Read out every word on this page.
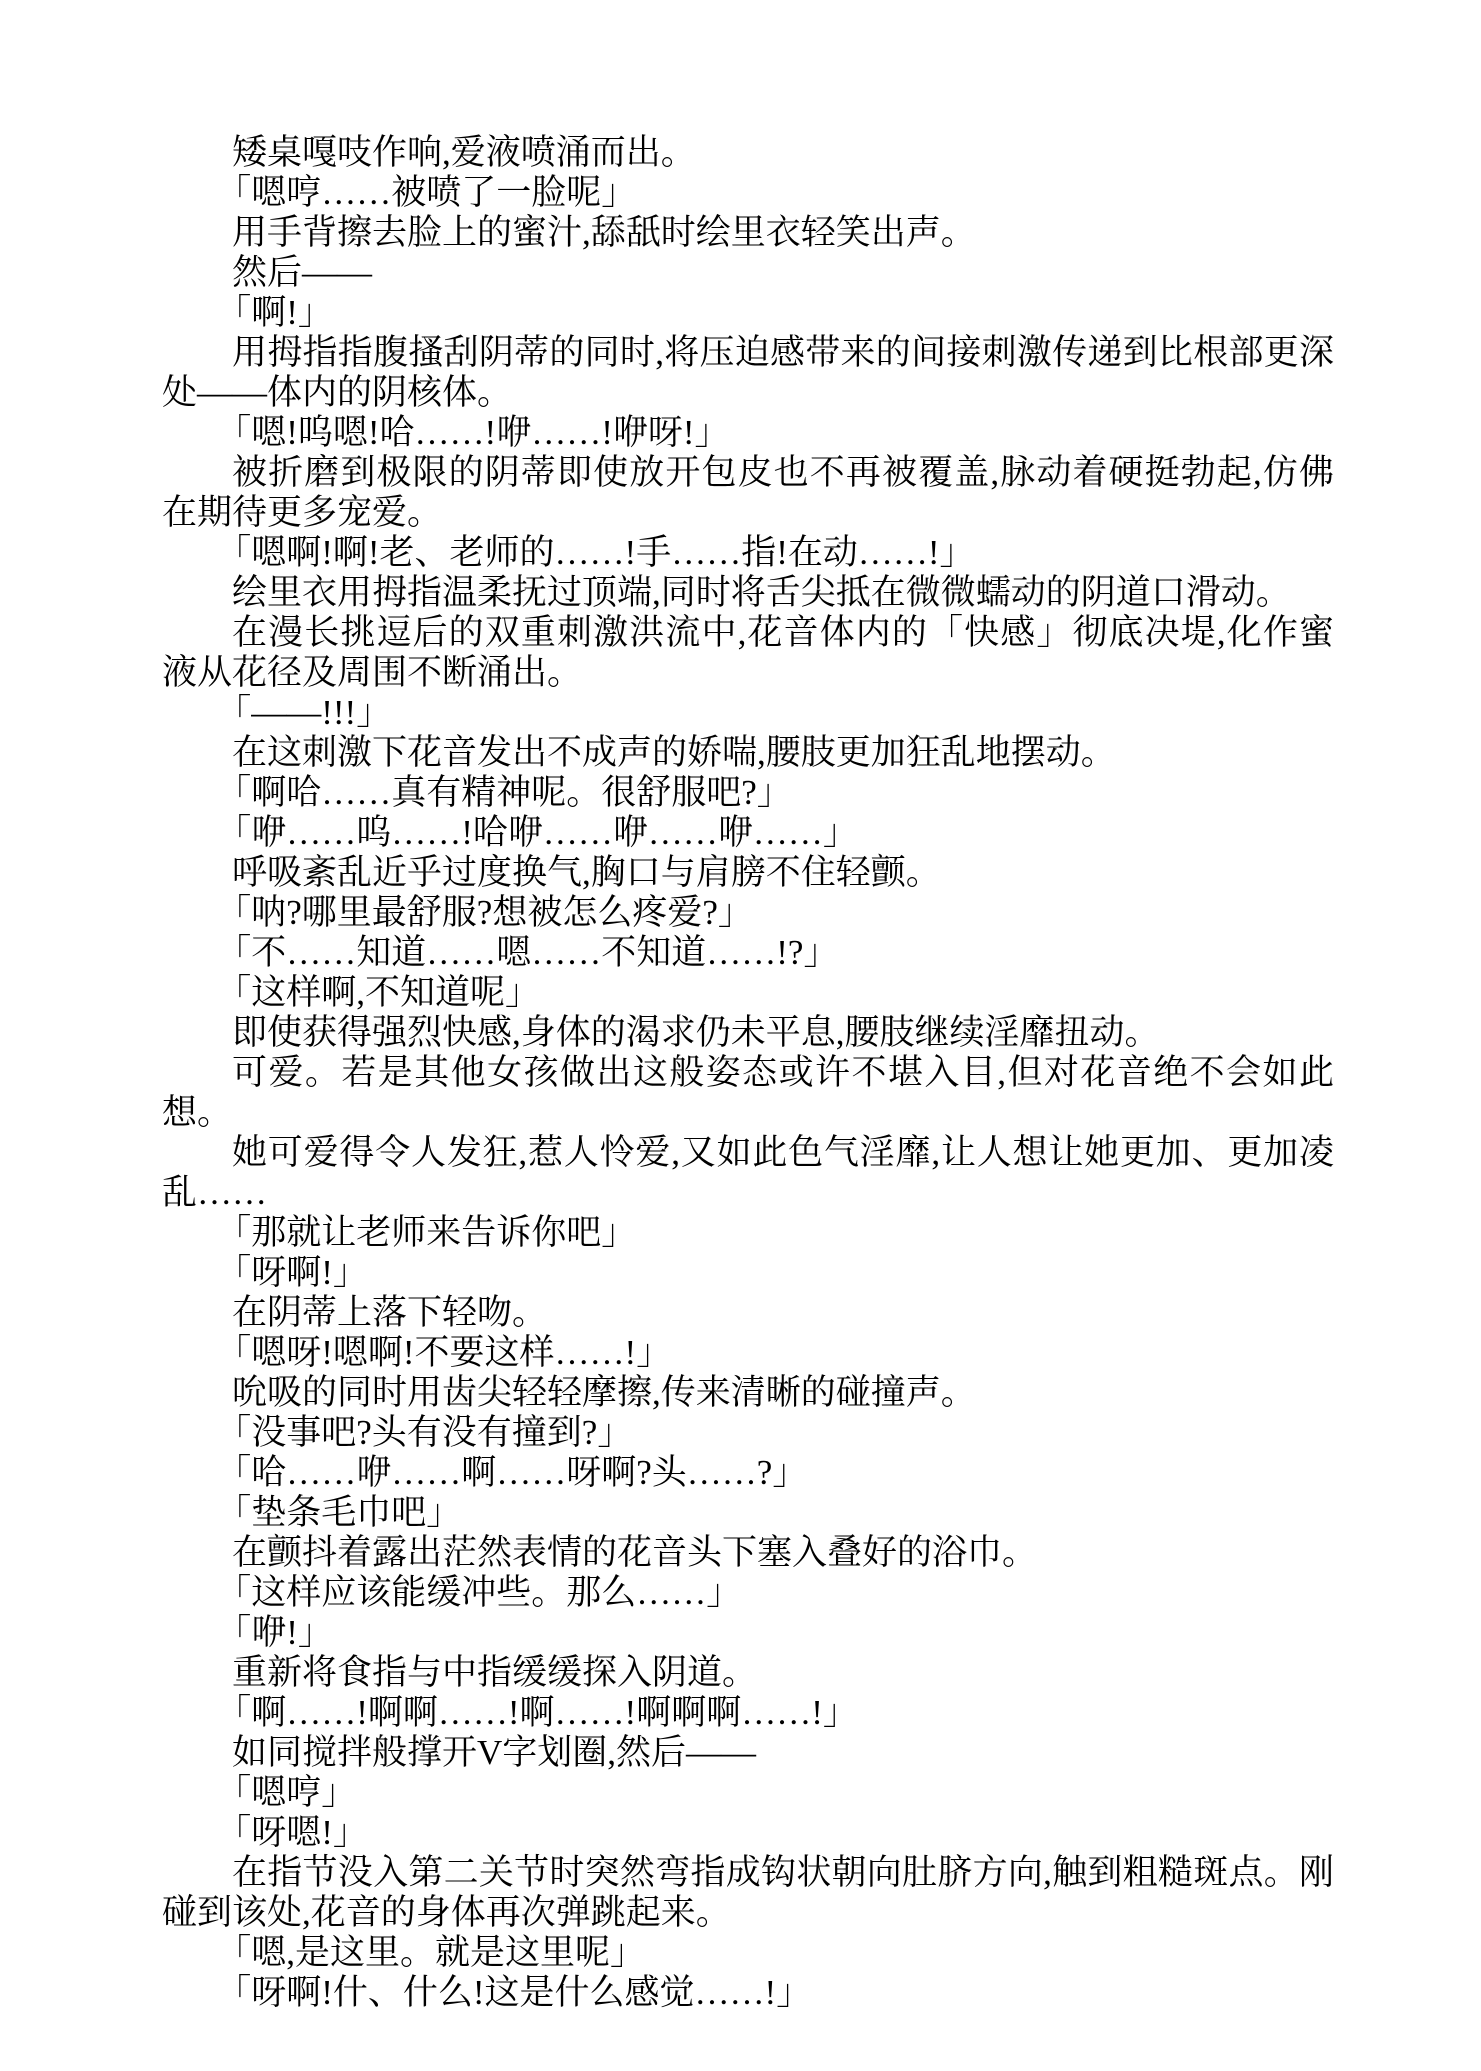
矮桌嘎吱作响,爱液喷涌而出。

「嗯哼……被喷了一脸呢」

用手背擦去脸上的蜜汁,舔舐时绘里衣轻笑出声。

然后——

「啊!」

用拇指指腹搔刮阴蒂的同时,将压迫感带来的间接刺激传递到比根部更深处——体内的阴核体。

「嗯!呜嗯!哈……!咿……!咿呀!」

被折磨到极限的阴蒂即使放开包皮也不再被覆盖,脉动着硬挺勃起,仿佛在期待更多宠爱。

「嗯啊!啊!老、老师的……!手……指!在动……!」

绘里衣用拇指温柔抚过顶端,同时将舌尖抵在微微蠕动的阴道口滑动。

在漫长挑逗后的双重刺激洪流中,花音体内的「快感」彻底决堤,化作蜜液从花径及周围不断涌出。

「——!!!」

在这刺激下花音发出不成声的娇喘,腰肢更加狂乱地摆动。

「啊哈……真有精神呢。很舒服吧?」

「咿……呜……!哈咿……咿……咿……」

呼吸紊乱近乎过度换气,胸口与肩膀不住轻颤。

「呐?哪里最舒服?想被怎么疼爱?」

「不……知道……嗯……不知道……!?」

「这样啊,不知道呢」

即使获得强烈快感,身体的渴求仍未平息,腰肢继续淫靡扭动。

可爱。若是其他女孩做出这般姿态或许不堪入目,但对花音绝不会如此想。

她可爱得令人发狂,惹人怜爱,又如此色气淫靡,让人想让她更加、更加凌乱……

「那就让老师来告诉你吧」

「呀啊!」

在阴蒂上落下轻吻。

「嗯呀!嗯啊!不要这样……!」

吮吸的同时用齿尖轻轻摩擦,传来清晰的碰撞声。

「没事吧?头有没有撞到?」

「哈……咿……啊……呀啊?头……?」

「垫条毛巾吧」

在颤抖着露出茫然表情的花音头下塞入叠好的浴巾。

「这样应该能缓冲些。那么……」

「咿!」

重新将食指与中指缓缓探入阴道。

「啊……!啊啊……!啊……!啊啊啊……!」

如同搅拌般撑开V字划圈,然后——

「嗯哼」

「呀嗯!」

在指节没入第二关节时突然弯指成钩状朝向肚脐方向,触到粗糙斑点。刚碰到该处,花音的身体再次弹跳起来。

「嗯,是这里。就是这里呢」

「呀啊!什、什么!这是什么感觉……!」
